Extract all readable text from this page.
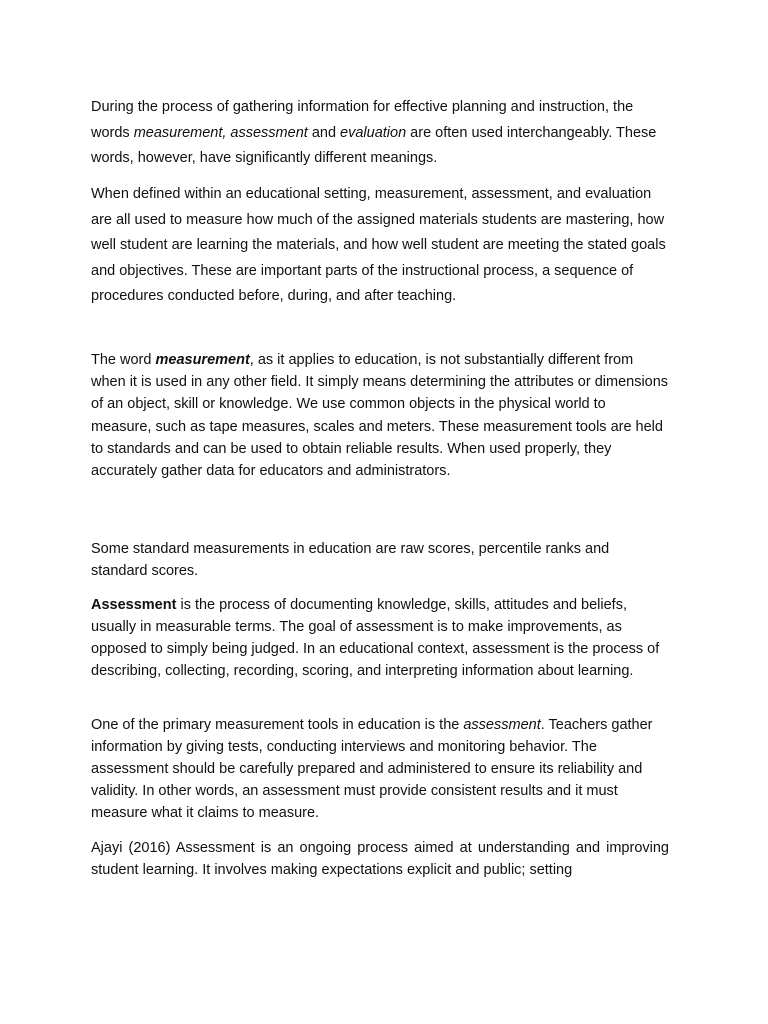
During the process of gathering information for effective planning and instruction, the words measurement, assessment and evaluation are often used interchangeably. These words, however, have significantly different meanings.

When defined within an educational setting, measurement, assessment, and evaluation are all used to measure how much of the assigned materials students are mastering, how well student are learning the materials, and how well student are meeting the stated goals and objectives. These are important parts of the instructional process, a sequence of procedures conducted before, during, and after teaching.

The word measurement, as it applies to education, is not substantially different from when it is used in any other field. It simply means determining the attributes or dimensions of an object, skill or knowledge. We use common objects in the physical world to measure, such as tape measures, scales and meters. These measurement tools are held to standards and can be used to obtain reliable results. When used properly, they accurately gather data for educators and administrators.

Some standard measurements in education are raw scores, percentile ranks and standard scores.

Assessment is the process of documenting knowledge, skills, attitudes and beliefs, usually in measurable terms. The goal of assessment is to make improvements, as opposed to simply being judged. In an educational context, assessment is the process of describing, collecting, recording, scoring, and interpreting information about learning.

One of the primary measurement tools in education is the assessment. Teachers gather information by giving tests, conducting interviews and monitoring behavior. The assessment should be carefully prepared and administered to ensure its reliability and validity. In other words, an assessment must provide consistent results and it must measure what it claims to measure.

Ajayi (2016) Assessment is an ongoing process aimed at understanding and improving student learning. It involves making expectations explicit and public; setting
